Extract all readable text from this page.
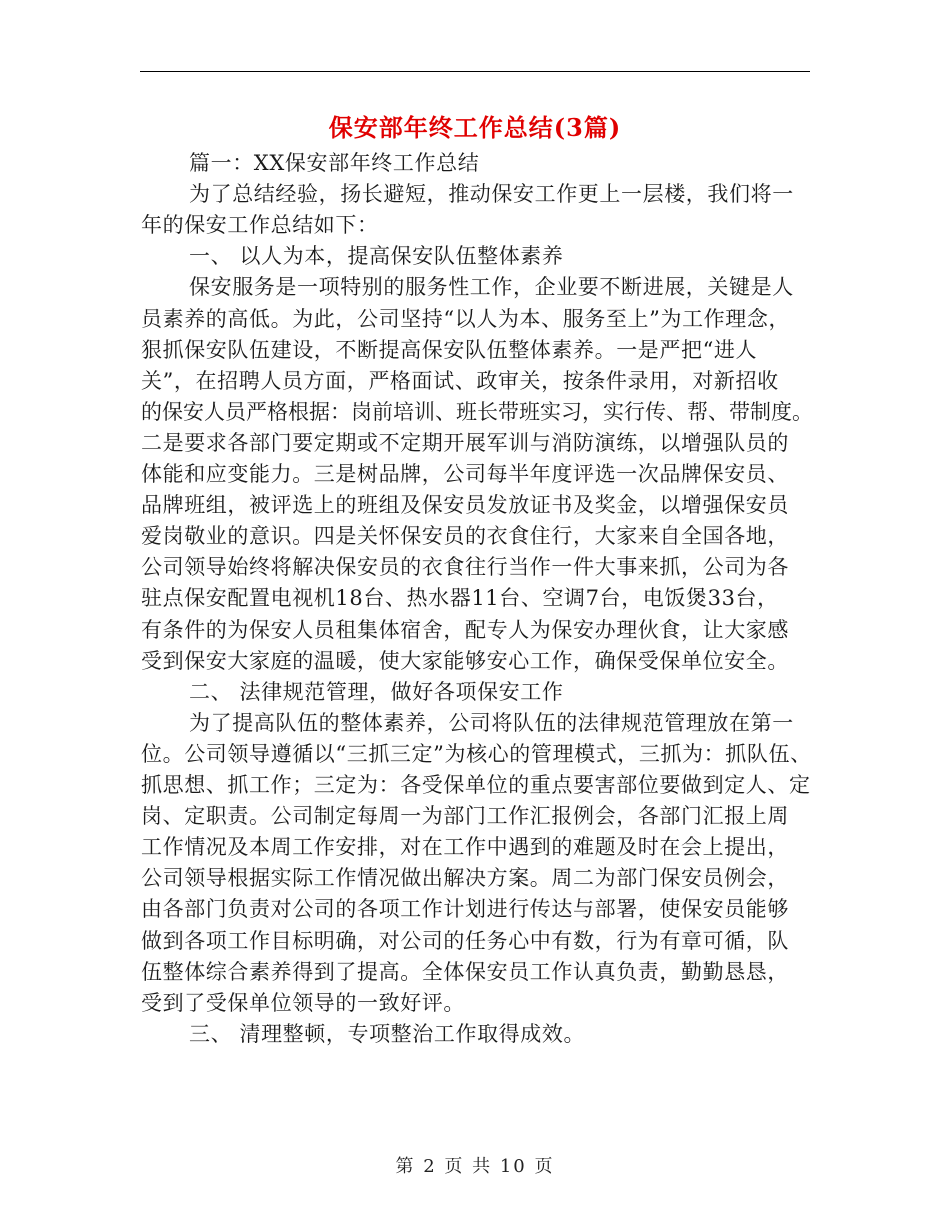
保安部年终工作总结(3篇)
篇一：XX保安部年终工作总结
为了总结经验，扬长避短，推动保安工作更上一层楼，我们将一
年的保安工作总结如下：
一、 以人为本，提高保安队伍整体素养
保安服务是一项特别的服务性工作，企业要不断进展，关键是人
员素养的高低。为此，公司坚持“以人为本、服务至上”为工作理念，
狠抓保安队伍建设，不断提高保安队伍整体素养。一是严把“进人
关”，在招聘人员方面，严格面试、政审关，按条件录用，对新招收
的保安人员严格根据：岗前培训、班长带班实习，实行传、帮、带制度。
二是要求各部门要定期或不定期开展军训与消防演练，以增强队员的
体能和应变能力。三是树品牌，公司每半年度评选一次品牌保安员、
品牌班组，被评选上的班组及保安员发放证书及奖金，以增强保安员
爱岗敬业的意识。四是关怀保安员的衣食住行，大家来自全国各地，
公司领导始终将解决保安员的衣食往行当作一件大事来抓，公司为各
驻点保安配置电视机18台、热水器11台、空调7台，电饭煲33台，
有条件的为保安人员租集体宿舍，配专人为保安办理伙食，让大家感
受到保安大家庭的温暖，使大家能够安心工作，确保受保单位安全。
二、 法律规范管理，做好各项保安工作
为了提高队伍的整体素养，公司将队伍的法律规范管理放在第一
位。公司领导遵循以“三抓三定”为核心的管理模式，三抓为：抓队伍、
抓思想、抓工作；三定为：各受保单位的重点要害部位要做到定人、定
岗、定职责。公司制定每周一为部门工作汇报例会，各部门汇报上周
工作情况及本周工作安排，对在工作中遇到的难题及时在会上提出，
公司领导根据实际工作情况做出解决方案。周二为部门保安员例会，
由各部门负责对公司的各项工作计划进行传达与部署，使保安员能够
做到各项工作目标明确，对公司的任务心中有数，行为有章可循，队
伍整体综合素养得到了提高。全体保安员工作认真负责，勤勤恳恳，
受到了受保单位领导的一致好评。
三、 清理整顿，专项整治工作取得成效。
第 2 页 共 10 页
